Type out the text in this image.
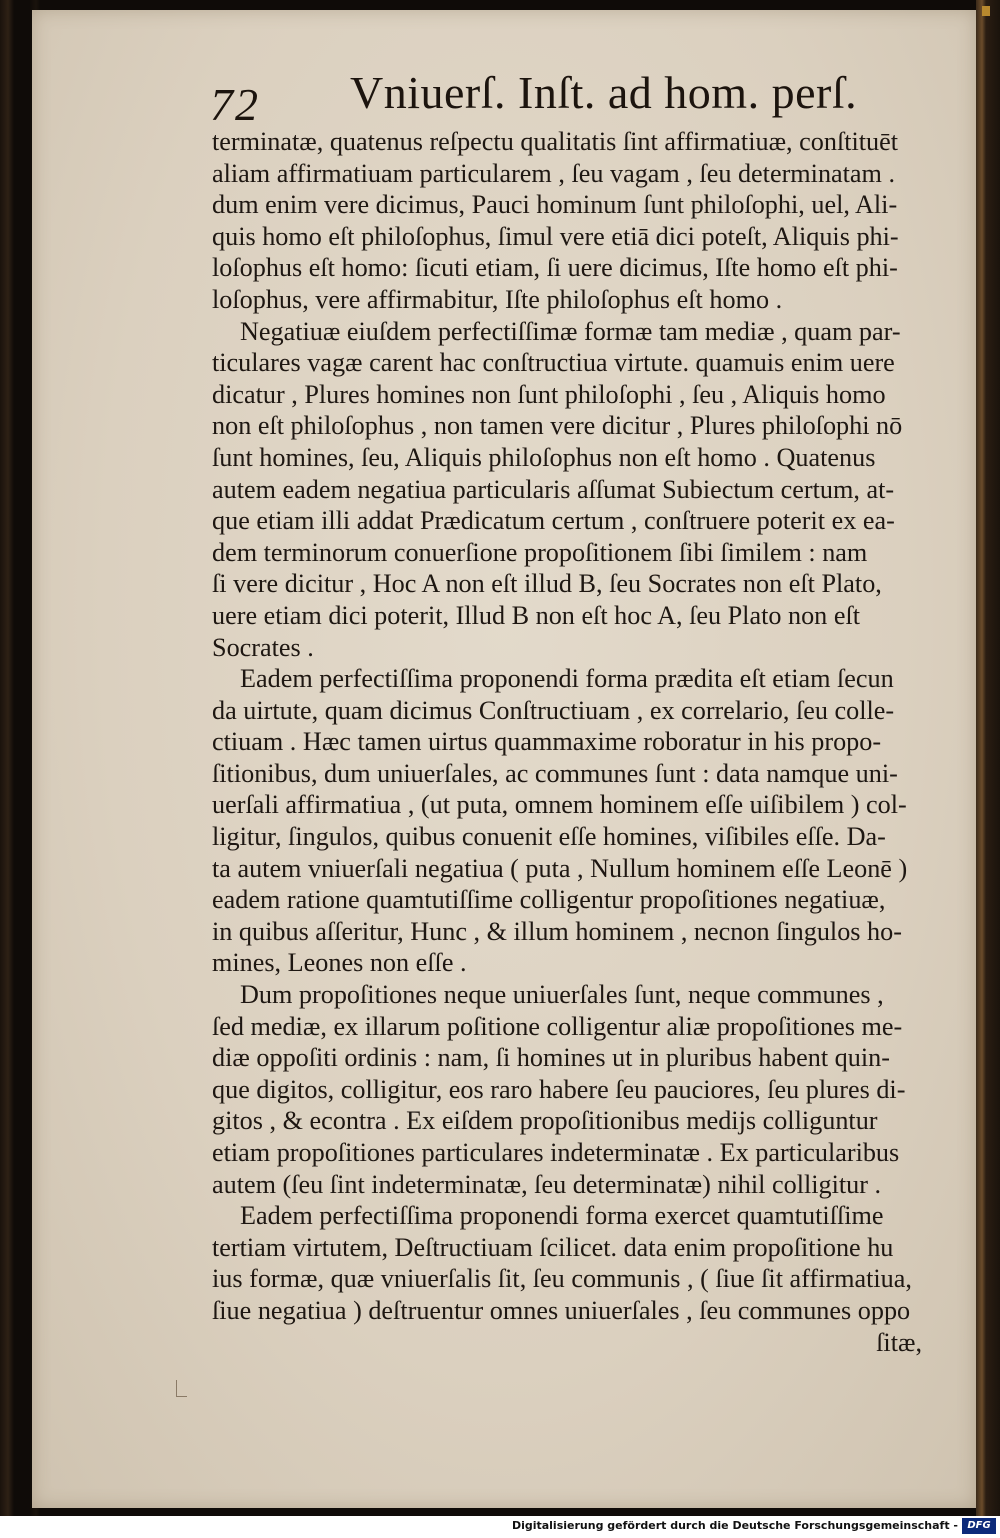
72 Vniuerſ. Inſt. ad hom. perſ.
terminatæ, quatenus reſpectu qualitatis ſint affirmatiuæ, conſtituēt
aliam affirmatiuam particularem , ſeu vagam , ſeu determinatam .
dum enim vere dicimus, Pauci hominum ſunt philoſophi, uel, Ali-
quis homo eſt philoſophus, ſimul vere etiā dici poteſt, Aliquis phi-
loſophus eſt homo: ſicuti etiam, ſi uere dicimus, Iſte homo eſt phi-
loſophus, vere affirmabitur, Iſte philoſophus eſt homo .
Negatiuæ eiuſdem perfectiſſimæ formæ tam mediæ , quam par-
ticulares vagæ carent hac conſtructiua virtute. quamuis enim uere
dicatur , Plures homines non ſunt philoſophi , ſeu , Aliquis homo
non eſt philoſophus , non tamen vere dicitur , Plures philoſophi nō
ſunt homines, ſeu, Aliquis philoſophus non eſt homo . Quatenus
autem eadem negatiua particularis aſſumat Subiectum certum, at-
que etiam illi addat Prædicatum certum , conſtruere poterit ex ea-
dem terminorum conuerſione propoſitionem ſibi ſimilem : nam
ſi vere dicitur , Hoc A non eſt illud B, ſeu Socrates non eſt Plato,
uere etiam dici poterit, Illud B non eſt hoc A, ſeu Plato non eſt
Socrates .
Eadem perfectiſſima proponendi forma prædita eſt etiam ſecun
da uirtute, quam dicimus Conſtructiuam , ex correlario, ſeu colle-
ctiuam . Hæc tamen uirtus quammaxime roboratur in his propo-
ſitionibus, dum uniuerſales, ac communes ſunt : data namque uni-
uerſali affirmatiua , (ut puta, omnem hominem eſſe uiſibilem ) col-
ligitur, ſingulos, quibus conuenit eſſe homines, viſibiles eſſe. Da-
ta autem vniuerſali negatiua ( puta , Nullum hominem eſſe Leonē )
eadem ratione quamtutiſſime colligentur propoſitiones negatiuæ,
in quibus aſſeritur, Hunc , & illum hominem , necnon ſingulos ho-
mines, Leones non eſſe .
Dum propoſitiones neque uniuerſales ſunt, neque communes ,
ſed mediæ, ex illarum poſitione colligentur aliæ propoſitiones me-
diæ oppoſiti ordinis : nam, ſi homines ut in pluribus habent quin-
que digitos, colligitur, eos raro habere ſeu pauciores, ſeu plures di-
gitos , & econtra . Ex eiſdem propoſitionibus medijs colliguntur
etiam propoſitiones particulares indeterminatæ . Ex particularibus
autem (ſeu ſint indeterminatæ, ſeu determinatæ) nihil colligitur .
Eadem perfectiſſima proponendi forma exercet quamtutiſſime
tertiam virtutem, Deſtructiuam ſcilicet. data enim propoſitione hu
ius formæ, quæ vniuerſalis ſit, ſeu communis , ( ſiue ſit affirmatiua,
ſiue negatiua ) deſtruentur omnes uniuerſales , ſeu communes oppo
ſitæ,
Digitalisierung gefördert durch die Deutsche Forschungsgemeinschaft - DFG
